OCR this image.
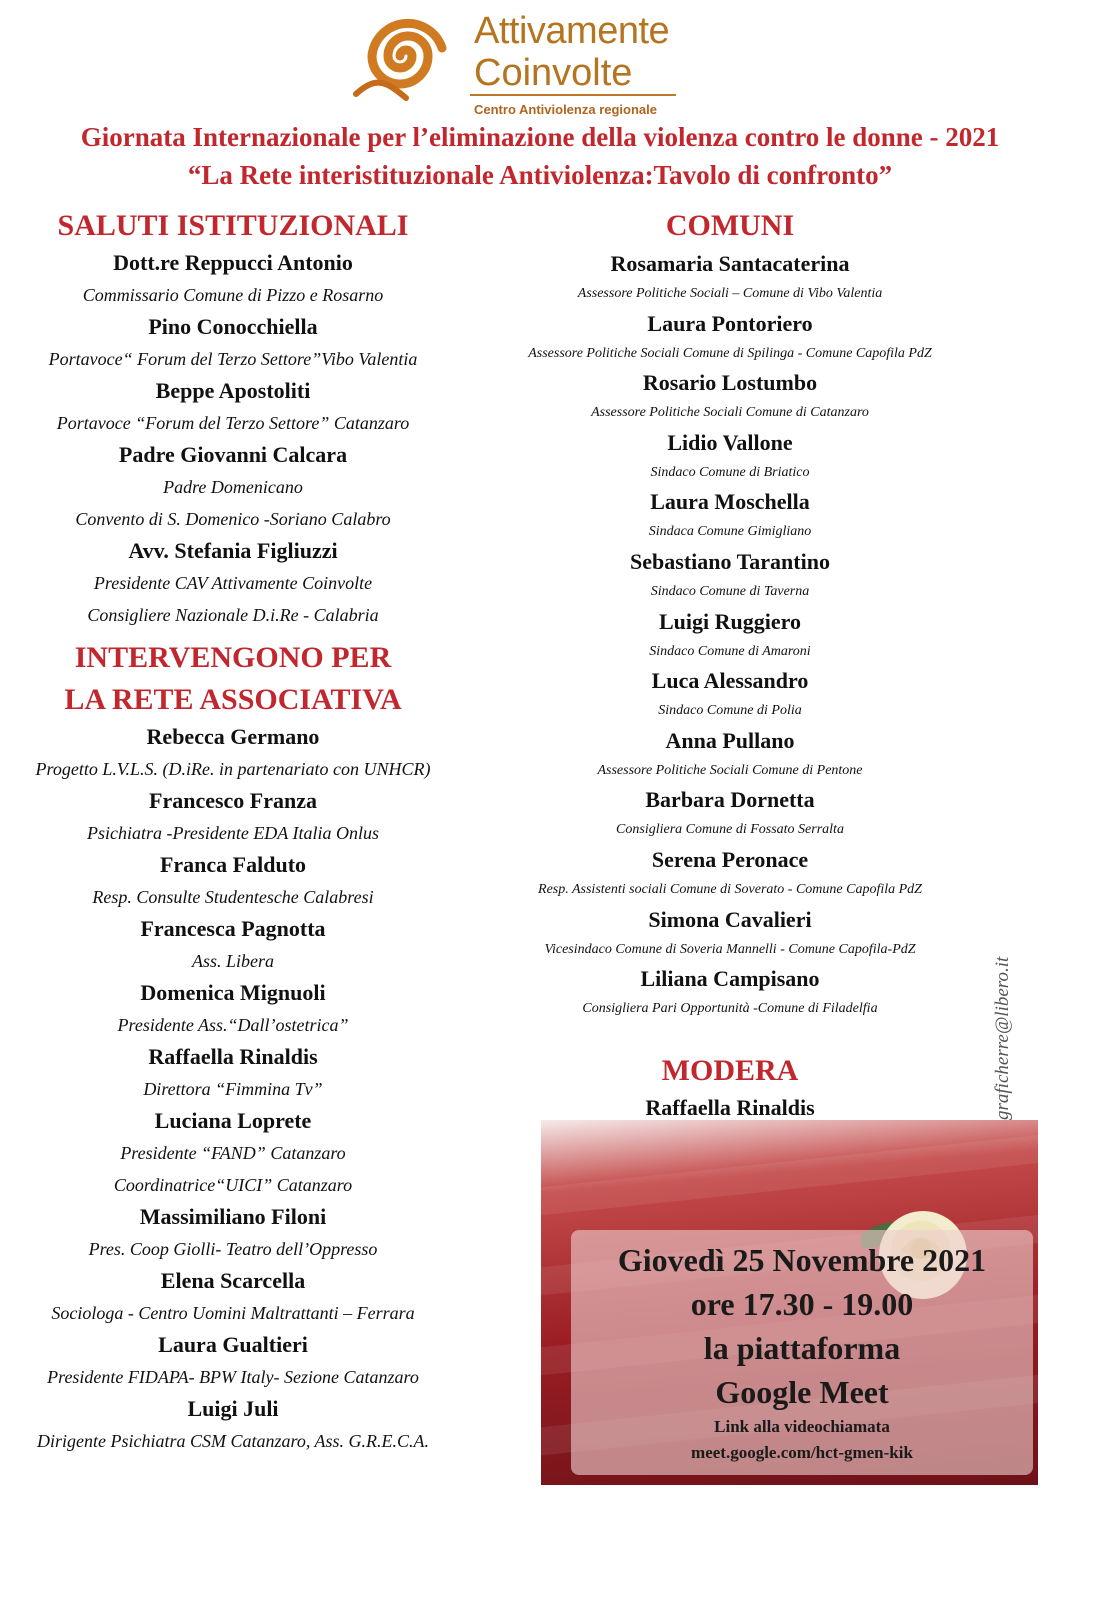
Attivamente
Coinvolte
Centro Antiviolenza regionale
Giornata Internazionale per l’eliminazione della violenza contro le donne - 2021
“La Rete interistituzionale Antiviolenza:Tavolo di confronto”
SALUTI ISTITUZIONALI
Dott.re Reppucci Antonio
Commissario Comune di Pizzo e Rosarno
Pino Conocchiella
Portavoce“ Forum del Terzo Settore”Vibo Valentia
Beppe Apostoliti
Portavoce “Forum del Terzo Settore” Catanzaro
Padre Giovanni Calcara
Padre Domenicano
Convento di S. Domenico -Soriano Calabro
Avv. Stefania Figliuzzi
Presidente CAV Attivamente Coinvolte
Consigliere Nazionale D.i.Re - Calabria
INTERVENGONO PER
LA RETE ASSOCIATIVA
Rebecca Germano
Progetto L.V.L.S. (D.iRe. in partenariato con UNHCR)
Francesco Franza
Psichiatra -Presidente EDA Italia Onlus
Franca Falduto
Resp. Consulte Studentesche Calabresi
Francesca Pagnotta
Ass. Libera
Domenica Mignuoli
Presidente Ass.“Dall’ostetrica”
Raffaella Rinaldis
Direttora “Fimmina Tv”
Luciana Loprete
Presidente “FAND” Catanzaro
Coordinatrice“UICI” Catanzaro
Massimiliano Filoni
Pres. Coop Giolli- Teatro dell’Oppresso
Elena Scarcella
Sociologa - Centro Uomini Maltrattanti – Ferrara
Laura Gualtieri
Presidente FIDAPA- BPW Italy- Sezione Catanzaro
Luigi Juli
Dirigente Psichiatra CSM Catanzaro, Ass. G.R.E.C.A.
COMUNI
Rosamaria Santacaterina
Assessore Politiche Sociali – Comune di Vibo Valentia
Laura Pontoriero
Assessore Politiche Sociali Comune di Spilinga - Comune Capofila PdZ
Rosario Lostumbo
Assessore Politiche Sociali Comune di Catanzaro
Lidio Vallone
Sindaco Comune di Briatico
Laura Moschella
Sindaca Comune Gimigliano
Sebastiano Tarantino
Sindaco Comune di Taverna
Luigi Ruggiero
Sindaco Comune di Amaroni
Luca Alessandro
Sindaco Comune di Polia
Anna Pullano
Assessore Politiche Sociali Comune di Pentone
Barbara Dornetta
Consigliera Comune di Fossato Serralta
Serena Peronace
Resp. Assistenti sociali Comune di Soverato - Comune Capofila PdZ
Simona Cavalieri
Vicesindaco Comune di Soveria Mannelli - Comune Capofila-PdZ
Liliana Campisano
Consigliera Pari Opportunità -Comune di Filadelfia
MODERA
Raffaella Rinaldis	graficherre@libero.it
Giovedì 25 Novembre 2021
ore 17.30 - 19.00
la piattaforma
Google Meet
Link alla videochiamata
meet.google.com/hct-gmen-kik
